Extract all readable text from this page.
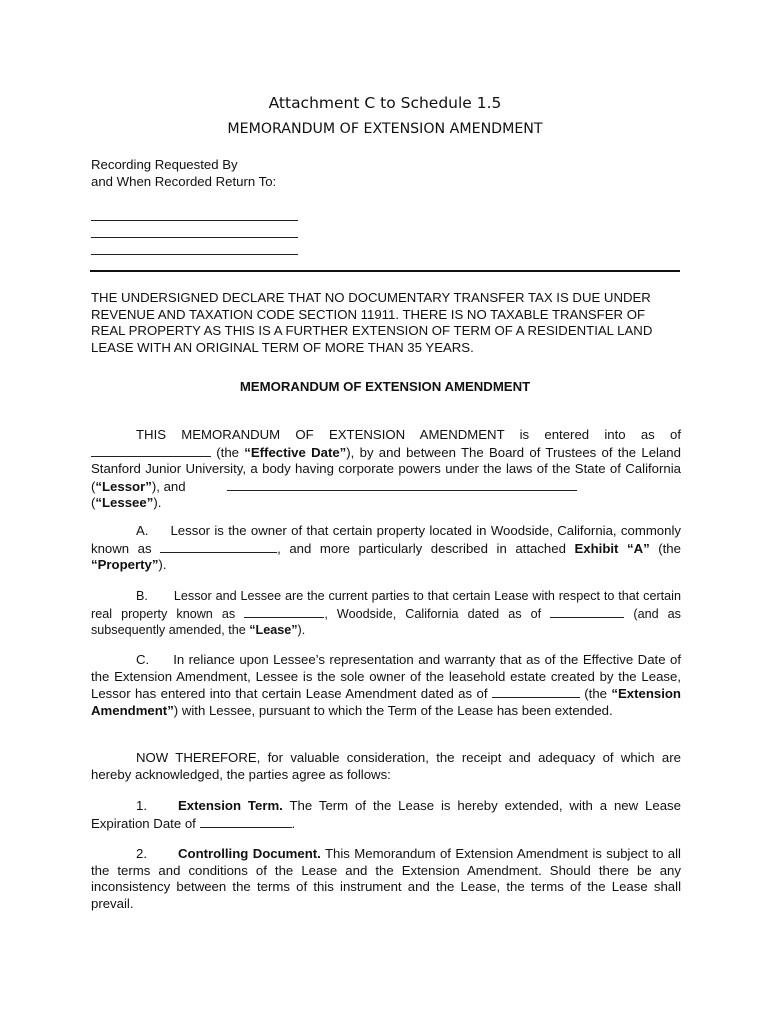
Attachment C to Schedule 1.5
MEMORANDUM OF EXTENSION AMENDMENT
Recording Requested By
and When Recorded Return To:
THE UNDERSIGNED DECLARE THAT NO DOCUMENTARY TRANSFER TAX IS DUE UNDER REVENUE AND TAXATION CODE SECTION 11911. THERE IS NO TAXABLE TRANSFER OF REAL PROPERTY AS THIS IS A FURTHER EXTENSION OF TERM OF A RESIDENTIAL LAND LEASE WITH AN ORIGINAL TERM OF MORE THAN 35 YEARS.
MEMORANDUM OF EXTENSION AMENDMENT
THIS MEMORANDUM OF EXTENSION AMENDMENT is entered into as of  (the “Effective Date”), by and between The Board of Trustees of the Leland Stanford Junior University, a body having corporate powers under the laws of the State of California (“Lessor”), and
(“Lessee”).
A. Lessor is the owner of that certain property located in Woodside, California, commonly known as	, and more particularly described in attached Exhibit “A” (the “Property”).
B. Lessor and Lessee are the current parties to that certain Lease with respect to that certain real property known as	, Woodside, California dated as of	(and as subsequently amended, the “Lease”).
C. In reliance upon Lessee’s representation and warranty that as of the Effective Date of the Extension Amendment, Lessee is the sole owner of the leasehold estate created by the Lease, Lessor has entered into that certain Lease Amendment dated as of	(the “Extension Amendment”) with Lessee, pursuant to which the Term of the Lease has been extended.
NOW THEREFORE, for valuable consideration, the receipt and adequacy of which are hereby acknowledged, the parties agree as follows:
1. Extension Term. The Term of the Lease is hereby extended, with a new Lease Expiration Date of	.
2. Controlling Document. This Memorandum of Extension Amendment is subject to all the terms and conditions of the Lease and the Extension Amendment. Should there be any inconsistency between the terms of this instrument and the Lease, the terms of the Lease shall prevail.
